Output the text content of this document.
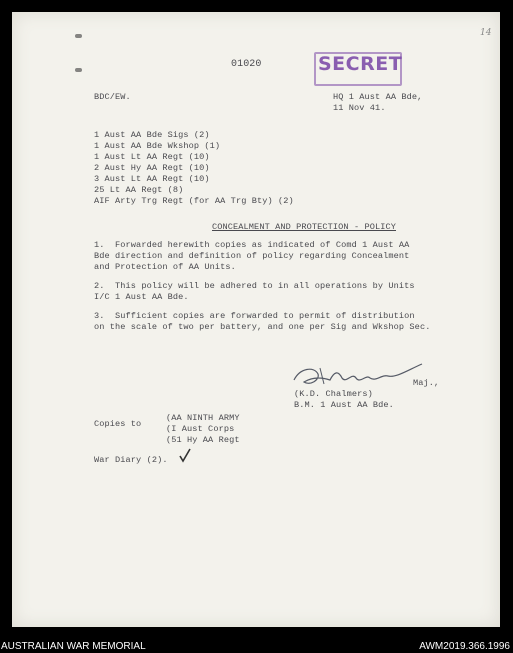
14
SECRET
01020
BDC/EW.	HQ 1 Aust AA Bde,
11 Nov 41.
1 Aust AA Bde Sigs (2)
1 Aust AA Bde Wkshop (1)
1 Aust Lt AA Regt (10)
2 Aust Hy AA Regt (10)
3 Aust Lt AA Regt (10)
25 Lt AA Regt (8)
AIF Arty Trg Regt (for AA Trg Bty) (2)
CONCEALMENT AND PROTECTION - POLICY
1.  Forwarded herewith copies as indicated of Comd 1 Aust AA
Bde direction and definition of policy regarding Concealment
and Protection of AA Units.
2.  This policy will be adhered to in all operations by Units
I/C 1 Aust AA Bde.
3.  Sufficient copies are forwarded to permit of distribution
on the scale of two per battery, and one per Sig and Wkshop Sec.
Maj.,
(K.D. Chalmers)
B.M. 1 Aust AA Bde.
Copies to
(AA NINTH ARMY
(I Aust Corps
(51 Hy AA Regt
War Diary (2).
AUSTRALIAN WAR MEMORIAL	AWM2019.366.1996
